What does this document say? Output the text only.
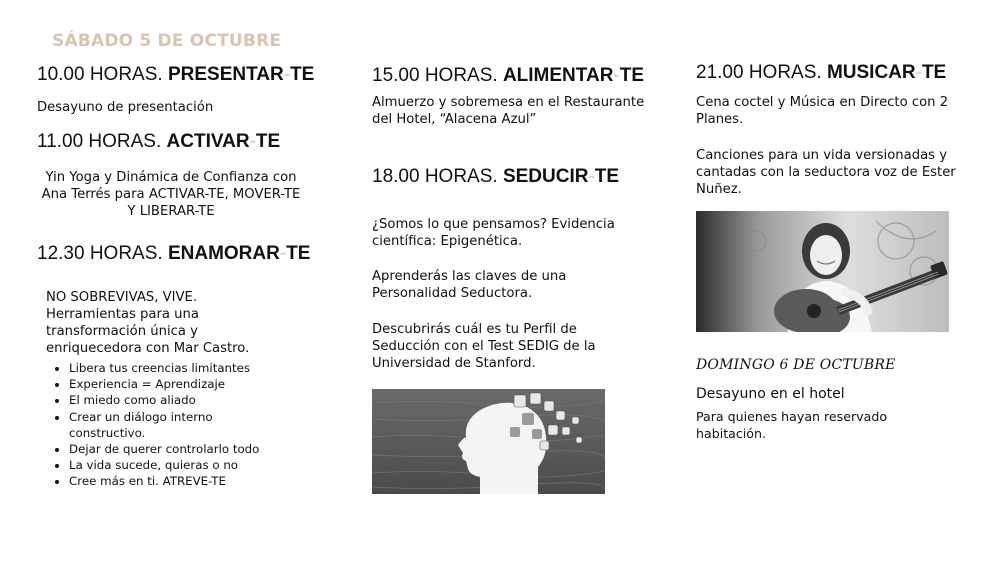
SÁBADO 5 DE OCTUBRE
10.00 HORAS. PRESENTAR-TE
Desayuno de presentación
11.00 HORAS. ACTIVAR-TE

Yin Yoga y Dinámica de Confianza con

Ana Terrés para ACTIVAR-TE, MOVER-TE

Y LIBERAR-TE

12.30 HORAS. ENAMORAR-TE

NO SOBREVIVAS, VIVE.

Herramientas para una

transformación única y

enriquecedora con Mar Castro.

• Libera tus creencias limitantes
• Experiencia = Aprendizaje
• El miedo como aliado
• Crear un diálogo interno
constructivo.
• Dejar de querer controlarlo todo
• La vida sucede, quieras o no
• Cree más en ti. ATREVE-TE
15.00 HORAS. ALIMENTAR-TE

Almuerzo y sobremesa en el Restaurante

del Hotel, “Alacena Azul”

18.00 HORAS. SEDUCIR-TE

¿Somos lo que pensamos? Evidencia

científica: Epigenética.

Aprenderás las claves de una

Personalidad Seductora.

Descubrirás cuál es tu Perfil de

Seducción con el Test SEDIG de la

Universidad de Stanford.

21.00 HORAS. MUSICAR-TE

Cena coctel y Música en Directo con 2

Planes.

Canciones para un vida versionadas y

cantadas con la seductora voz de Ester

Nuñez.

DOMINGO 6 DE OCTUBRE
Desayuno en el hotel

Para quienes hayan reservado

habitación.
